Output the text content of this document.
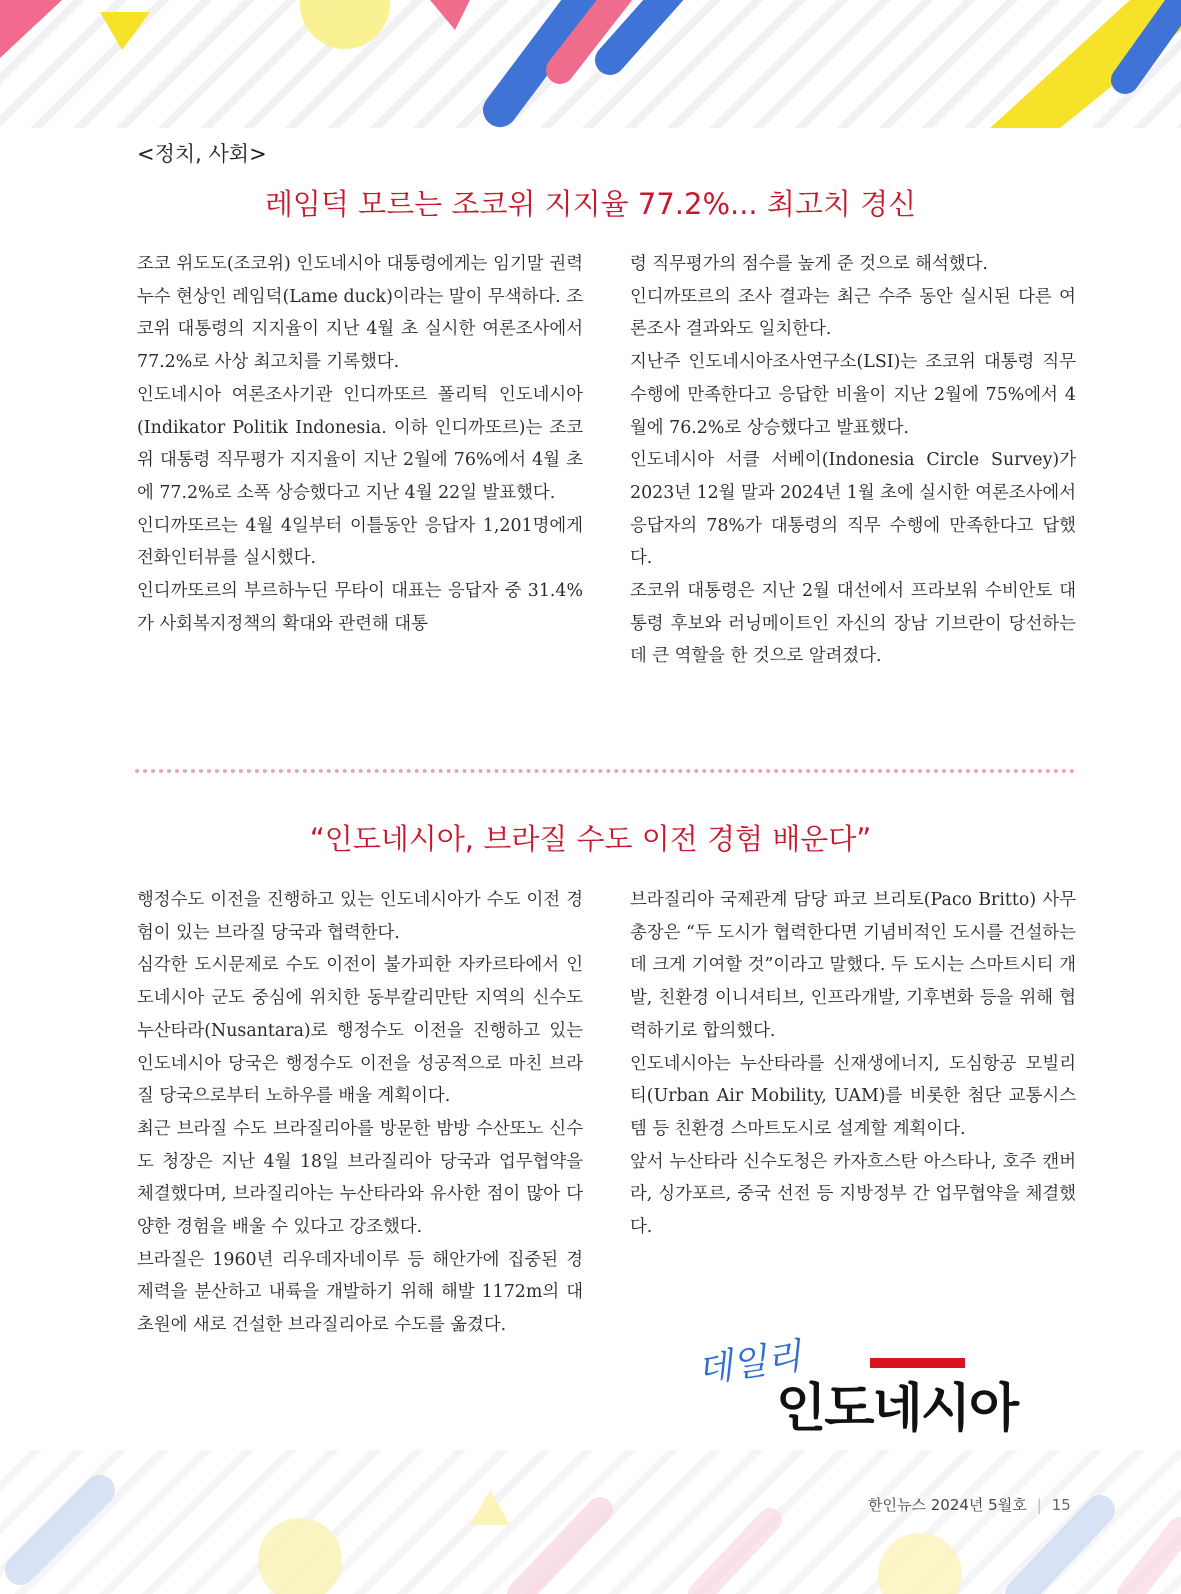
<정치, 사회>
레임덕 모르는 조코위 지지율 77.2%... 최고치 경신

조코 위도도(조코위) 인도네시아 대통령에게는 임기말 권력누수 현상인 레임덕(Lame duck)이라는 말이 무색하다. 조코위 대통령의 지지율이 지난 4월 초 실시한 여론조사에서 77.2%로 사상 최고치를 기록했다.

인도네시아 여론조사기관 인디까또르 폴리틱 인도네시아(Indikator Politik Indonesia. 이하 인디까또르)는 조코위 대통령 직무평가 지지율이 지난 2월에 76%에서 4월 초에 77.2%로 소폭 상승했다고 지난 4월 22일 발표했다.

인디까또르는 4월 4일부터 이틀동안 응답자 1,201명에게 전화인터뷰를 실시했다.

인디까또르의 부르하누딘 무타이 대표는 응답자 중 31.4%가 사회복지정책의 확대와 관련해 대통

령 직무평가의 점수를 높게 준 것으로 해석했다.

인디까또르의 조사 결과는 최근 수주 동안 실시된 다른 여론조사 결과와도 일치한다.

지난주 인도네시아조사연구소(LSI)는 조코위 대통령 직무 수행에 만족한다고 응답한 비율이 지난 2월에 75%에서 4월에 76.2%로 상승했다고 발표했다.

인도네시아 서클 서베이(Indonesia Circle Survey)가 2023년 12월 말과 2024년 1월 초에 실시한 여론조사에서 응답자의 78%가 대통령의 직무 수행에 만족한다고 답했다.

조코위 대통령은 지난 2월 대선에서 프라보워 수비안토 대통령 후보와 러닝메이트인 자신의 장남 기브란이 당선하는 데 큰 역할을 한 것으로 알려졌다.

“인도네시아, 브라질 수도 이전 경험 배운다”

행정수도 이전을 진행하고 있는 인도네시아가 수도 이전 경험이 있는 브라질 당국과 협력한다.

심각한 도시문제로 수도 이전이 불가피한 자카르타에서 인도네시아 군도 중심에 위치한 동부칼리만탄 지역의 신수도 누산타라(Nusantara)로 행정수도 이전을 진행하고 있는 인도네시아 당국은 행정수도 이전을 성공적으로 마친 브라질 당국으로부터 노하우를 배울 계획이다.

최근 브라질 수도 브라질리아를 방문한 밤방 수산또노 신수도 청장은 지난 4월 18일 브라질리아 당국과 업무협약을 체결했다며, 브라질리아는 누산타라와 유사한 점이 많아 다양한 경험을 배울 수 있다고 강조했다.

브라질은 1960년 리우데자네이루 등 해안가에 집중된 경제력을 분산하고 내륙을 개발하기 위해 해발 1172m의 대초원에 새로 건설한 브라질리아로 수도를 옮겼다.

브라질리아 국제관계 담당 파코 브리토(Paco Britto) 사무총장은 “두 도시가 협력한다면 기념비적인 도시를 건설하는 데 크게 기여할 것”이라고 말했다. 두 도시는 스마트시티 개발, 친환경 이니셔티브, 인프라개발, 기후변화 등을 위해 협력하기로 합의했다.

인도네시아는 누산타라를 신재생에너지, 도심항공 모빌리티(Urban Air Mobility, UAM)를 비롯한 첨단 교통시스템 등 친환경 스마트도시로 설계할 계획이다.

앞서 누산타라 신수도청은 카자흐스탄 아스타나, 호주 캔버라, 싱가포르, 중국 선전 등 지방정부 간 업무협약을 체결했다.

데일리
인도네시아
한인뉴스 2024년 5월호 | 15
